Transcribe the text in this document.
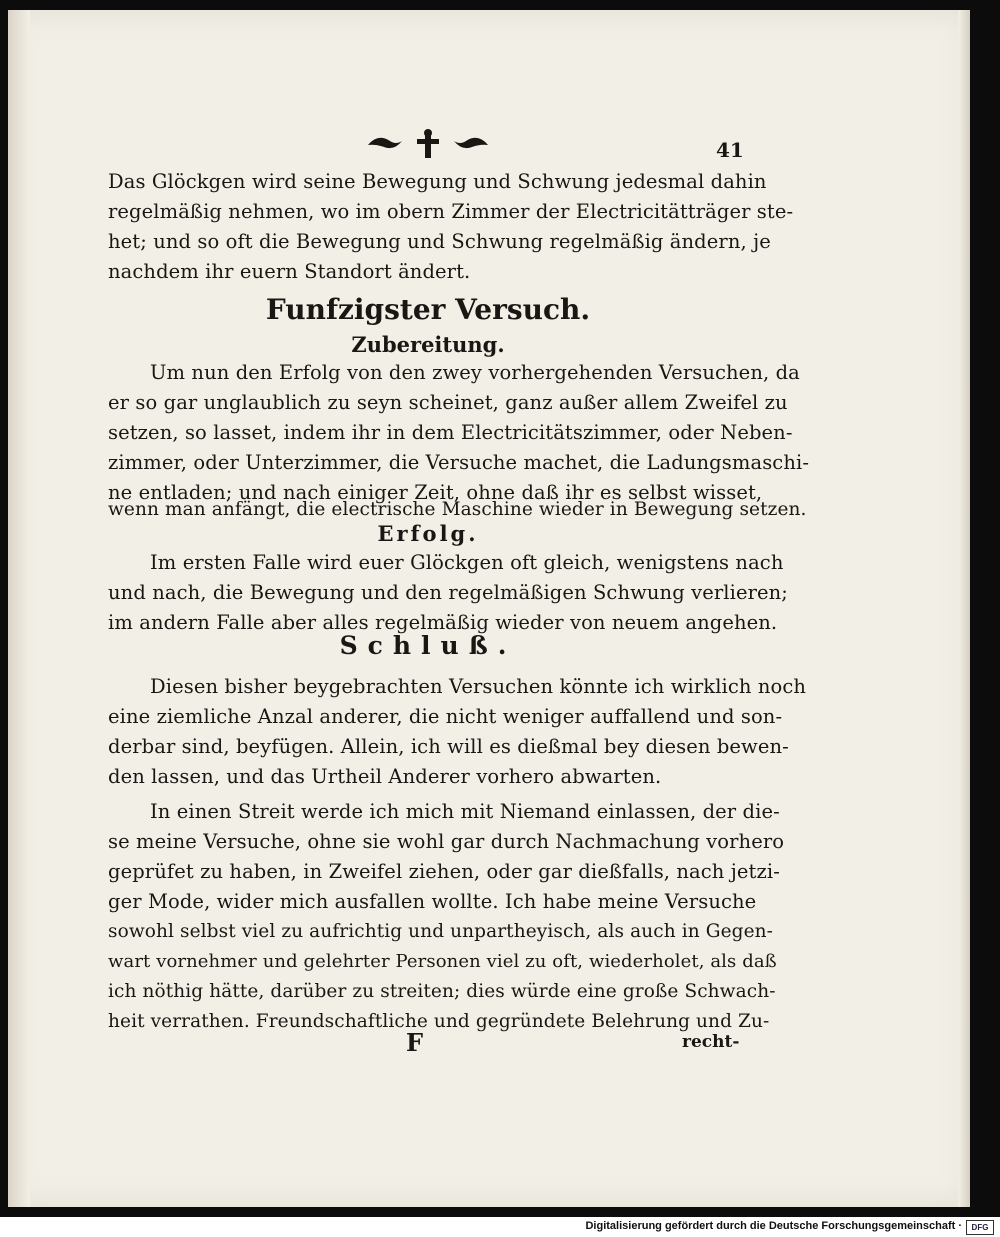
41
Das Glöckgen wird seine Bewegung und Schwung jedesmal dahin
regelmäßig nehmen, wo im obern Zimmer der Electricitätträger ste-
het; und so oft die Bewegung und Schwung regelmäßig ändern, je
nachdem ihr euern Standort ändert.
Funfzigster Versuch.
Zubereitung.
Um nun den Erfolg von den zwey vorhergehenden Versuchen, da
er so gar unglaublich zu seyn scheinet, ganz außer allem Zweifel zu
setzen, so lasset, indem ihr in dem Electricitätszimmer, oder Neben-
zimmer, oder Unterzimmer, die Versuche machet, die Ladungsmaschi-
ne entladen; und nach einiger Zeit, ohne daß ihr es selbst wisset,
Erfolg.
wenn man anfängt, die electrische Maschine wieder in Bewegung setzen.
Im ersten Falle wird euer Glöckgen oft gleich, wenigstens nach
und nach, die Bewegung und den regelmäßigen Schwung verlieren;
im andern Falle aber alles regelmäßig wieder von neuem angehen.
Schluß.
Diesen bisher beygebrachten Versuchen könnte ich wirklich noch
eine ziemliche Anzal anderer, die nicht weniger auffallend und son-
derbar sind, beyfügen. Allein, ich will es dießmal bey diesen bewen-
den lassen, und das Urtheil Anderer vorhero abwarten.
In einen Streit werde ich mich mit Niemand einlassen, der die-
se meine Versuche, ohne sie wohl gar durch Nachmachung vorhero
geprüfet zu haben, in Zweifel ziehen, oder gar dießfalls, nach jetzi-
ger Mode, wider mich ausfallen wollte. Ich habe meine Versuche
sowohl selbst viel zu aufrichtig und unpartheyisch, als auch in Gegen-
wart vornehmer und gelehrter Personen viel zu oft, wiederholet, als daß
ich nöthig hätte, darüber zu streiten; dies würde eine große Schwach-
heit verrathen. Freundschaftliche und gegründete Belehrung und Zu-
F	recht-
Digitalisierung gefördert durch die Deutsche Forschungsgemeinschaft ·	DFG
